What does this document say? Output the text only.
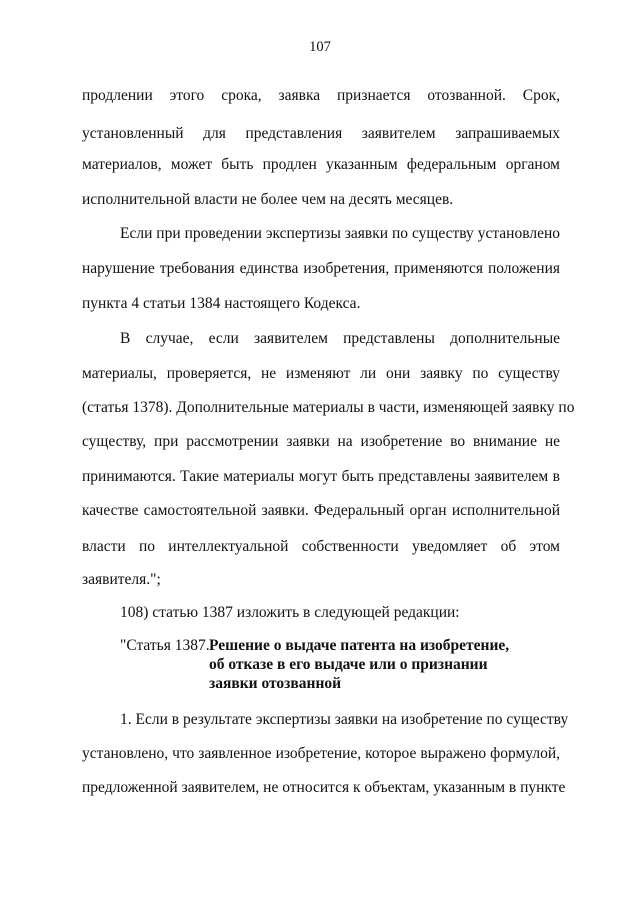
107
продлении этого срока, заявка признается отозванной. Срок,
установленный для представления заявителем запрашиваемых
материалов, может быть продлен указанным федеральным органом
исполнительной власти не более чем на десять месяцев.
Если при проведении экспертизы заявки по существу установлено
нарушение требования единства изобретения, применяются положения
пункта 4 статьи 1384 настоящего Кодекса.
В случае, если заявителем представлены дополнительные
материалы, проверяется, не изменяют ли они заявку по существу
(статья 1378). Дополнительные материалы в части, изменяющей заявку по
существу, при рассмотрении заявки на изобретение во внимание не
принимаются. Такие материалы могут быть представлены заявителем в
качестве самостоятельной заявки. Федеральный орган исполнительной
власти по интеллектуальной собственности уведомляет об этом
заявителя.";
108) статью 1387 изложить в следующей редакции:
"Статья 1387. Решение о выдаче патента на изобретение,
об отказе в его выдаче или о признании
заявки отозванной
1. Если в результате экспертизы заявки на изобретение по существу
установлено, что заявленное изобретение, которое выражено формулой,
предложенной заявителем, не относится к объектам, указанным в пункте
